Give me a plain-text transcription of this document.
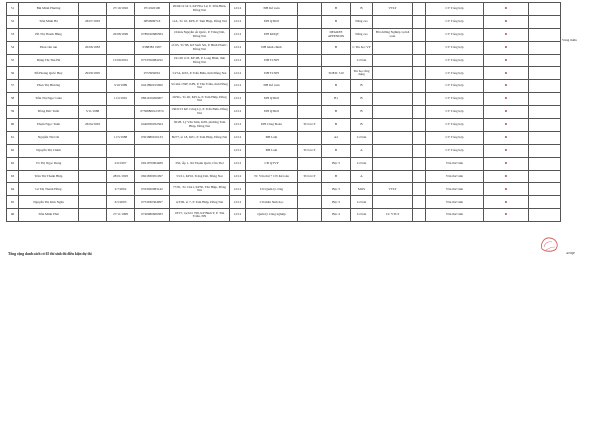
51	Bùi Minh Phương		27/10/1992	0711920100	26/64/12 xã 3, KP Hòa Lư, P. Trần Biên, Đồng Nai	12/12	ĐH Kế toán		B	B	VTLT		CV Tổng hợp	D	
52	Trần Minh Hà	26/07/1993		0859999716	11A, Tổ 16, KP6, P. Tam Hiệp, Đồng Nai	12/12	ĐH QTKD		B	Nâng cao			CV Tổng hợp	D	
53	Hồ Thị Thanh Hằng		20/08/1999	0789190680384	1044A Nguyễn Ái Quốc, P. Trảng Dài, Đồng Nai	12/12	ĐH KDQT		DEGREE APPENDIX	Nâng cao	Bồi dưỡng Nghiệp vụ Kế toán		CV Tổng hợp	D	
54	Phan văn run	20/06/1983		0388383 1987	số 65, Tổ 5B, KP Suối Sỏi, P. Bình Phước, Đồng Nai	12/12	ĐH hành chính		B	C Tin học VP			CV Tổng hợp	D	
55	Đặng Thị Thu Hà		15/09/2001	0753350084192	19/120 tổ 8, KP 2B, P. Long Bình, tỉnh Đồng Nai	12/12	ĐH TCNH			Cơ bản			CV Tổng hợp	D	
56	Đỗ Hoàng Quốc Huy	29/09/1995		0753950061	C27A, KP2, P. Trấn Biên, tỉnh Đồng Nai	12/12	ĐH TCNH		TOEIC 510	Tin học ứng dụng			CV Tổng hợp	D	
57	Phan Thị Phương		3/10/1989	0421890015960	Số nhà 139F, KP9, P. Tân Triều, tỉnh Đồng Nai	12/12	ĐH Kế toán		B	B			CV Tổng hợp	D	
58	Trần Thị Ngọc Giàu		11/2/1991	0861919200907	20/9G, Tổ 20, KP1A, P. Tam Hiệp, Đồng Nai	12/12	ĐH QTKD		B1	B			CV Tổng hợp	D	
59	Đồng Đức Tuấn	5/11/1988		07568800123374	136/6/13 KP. Công Lý, P. Trấn Biên, Đồng Nai	12/12	ĐH QTKD		B	B			CV Tổng hợp	D	
60	Phạm Ngọc Tuấn	26/04/1993		0440930032364	36/28, Lý Văn Sâm, KP6, phường Tam Hiệp, Đồng Nai	12/12	ĐH Công Đoàn	TCLLCT	B	B			CV Tổng hợp	D	
61	Nguyễn Thị Chi		11/5/1988	0301880010133	B277, tổ 18, KP1, P. Tam Hiệp, Đồng Nai	12/12	ĐH Luật		A2	Cơ bản			CV Tổng hợp	D	
62	Nguyễn Thị Chinh					12/12	ĐH Luật	TCLLCT	B	A			CV Tổng hợp	D	
62	Võ Thị Ngọc Dung		2/6/1997	0921970004489	350, Ấp 1, Xã Thạnh Quới, Cần Thơ	12/12	CĐ QTVP		Bậc 3	Cơ bản			Văn thư viên	D	
63	Trần Thị Thanh Hiệp		28/01/1993	0601830051097	53/21, KP16, Trảng Dài, Đồng Nai	12/12	TC Văn thư + CN Kế toán	TCLLCT	B	A			Văn thư viên	D	
64	Lê Thị Thanh Hồng		2/7/2002	0333020083142	77/81, Tổ 13A1, KP30, Tân Hiệp, Đồng Nai	12/12	CN Quản lý công		Bậc 3	MOS	VTLT		Văn thư viên	D	
65	Nguyễn Thị Kim Ngân		6/5/2003	0753030304997	4/33D, tổ 7, P. Tam Hiệp, Đồng Nai	12/12	Cử nhân Sinh học		Bậc 3	Cơ bản			Văn thư viên	D	
66	Trần Minh Phát		27/11/1998	0740980606383	183/7, rạch lô 768, KP Bình Y, P. Tân Triều, ĐN	12/12	Quản lý Công nghiệp		Bậc 4	Cơ bản	CC VTLT		Văn thư viên	D	
Vùng miền
ANQP
Tổng cộng danh sách có 65 thí sinh đủ điều kiện dự thi
